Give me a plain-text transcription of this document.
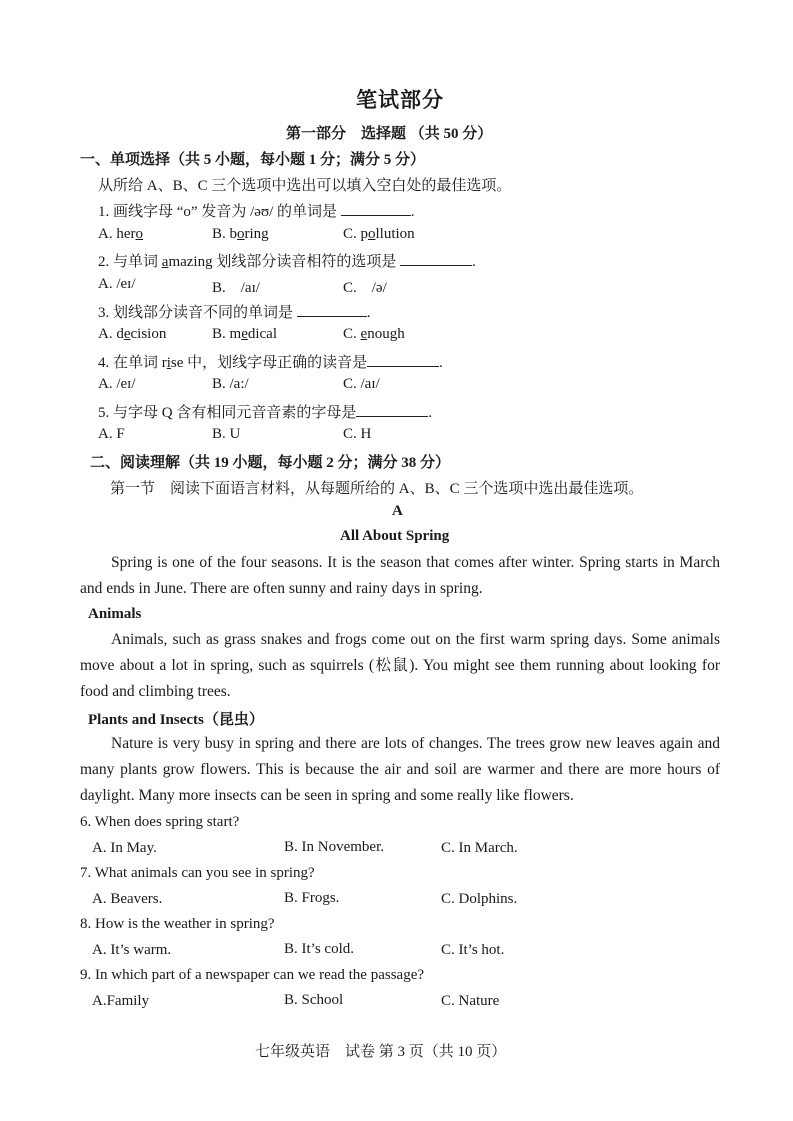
笔试部分
第一部分　选择题 （共 50 分）
一、单项选择（共 5 小题，每小题 1 分；满分 5 分）
从所给 A、B、C 三个选项中选出可以填入空白处的最佳选项。
1. 画线字母 “o” 发音为 /əʊ/ 的单词是	.
A. hero	B. boring	C. pollution
2. 与单词 amazing 划线部分读音相符的选项是	.
A. /eɪ/	B.　/aɪ/	C.　/ə/
3. 划线部分读音不同的单词是	.
A. decision	B. medical	C. enough
4. 在单词 rise 中，划线字母正确的读音是	.
A. /eɪ/	B. /a:/	C. /aɪ/
5. 与字母 Q 含有相同元音音素的字母是	.
A. F	B. U	C. H
二、阅读理解（共 19 小题，每小题 2 分；满分 38 分）
第一节　阅读下面语言材料，从每题所给的 A、B、C 三个选项中选出最佳选项。
A
All About Spring
Spring is one of the four seasons. It is the season that comes after winter. Spring starts in March and ends in June. There are often sunny and rainy days in spring.
Animals
Animals, such as grass snakes and frogs come out on the first warm spring days. Some animals move about a lot in spring, such as squirrels (松鼠). You might see them running about looking for food and climbing trees.
Plants and Insects（昆虫）
Nature is very busy in spring and there are lots of changes. The trees grow new leaves again and many plants grow flowers. This is because the air and soil are warmer and there are more hours of daylight. Many more insects can be seen in spring and some really like flowers.
6. When does spring start?
A. In May.	B. In November.	C. In March.
7. What animals can you see in spring?
A. Beavers.	B. Frogs.	C. Dolphins.
8. How is the weather in spring?
A. It’s warm.	B. It’s cold.	C. It’s hot.
9. In which part of a newspaper can we read the passage?
A.Family	B. School	C. Nature
七年级英语　试卷 第 3 页（共 10 页）
